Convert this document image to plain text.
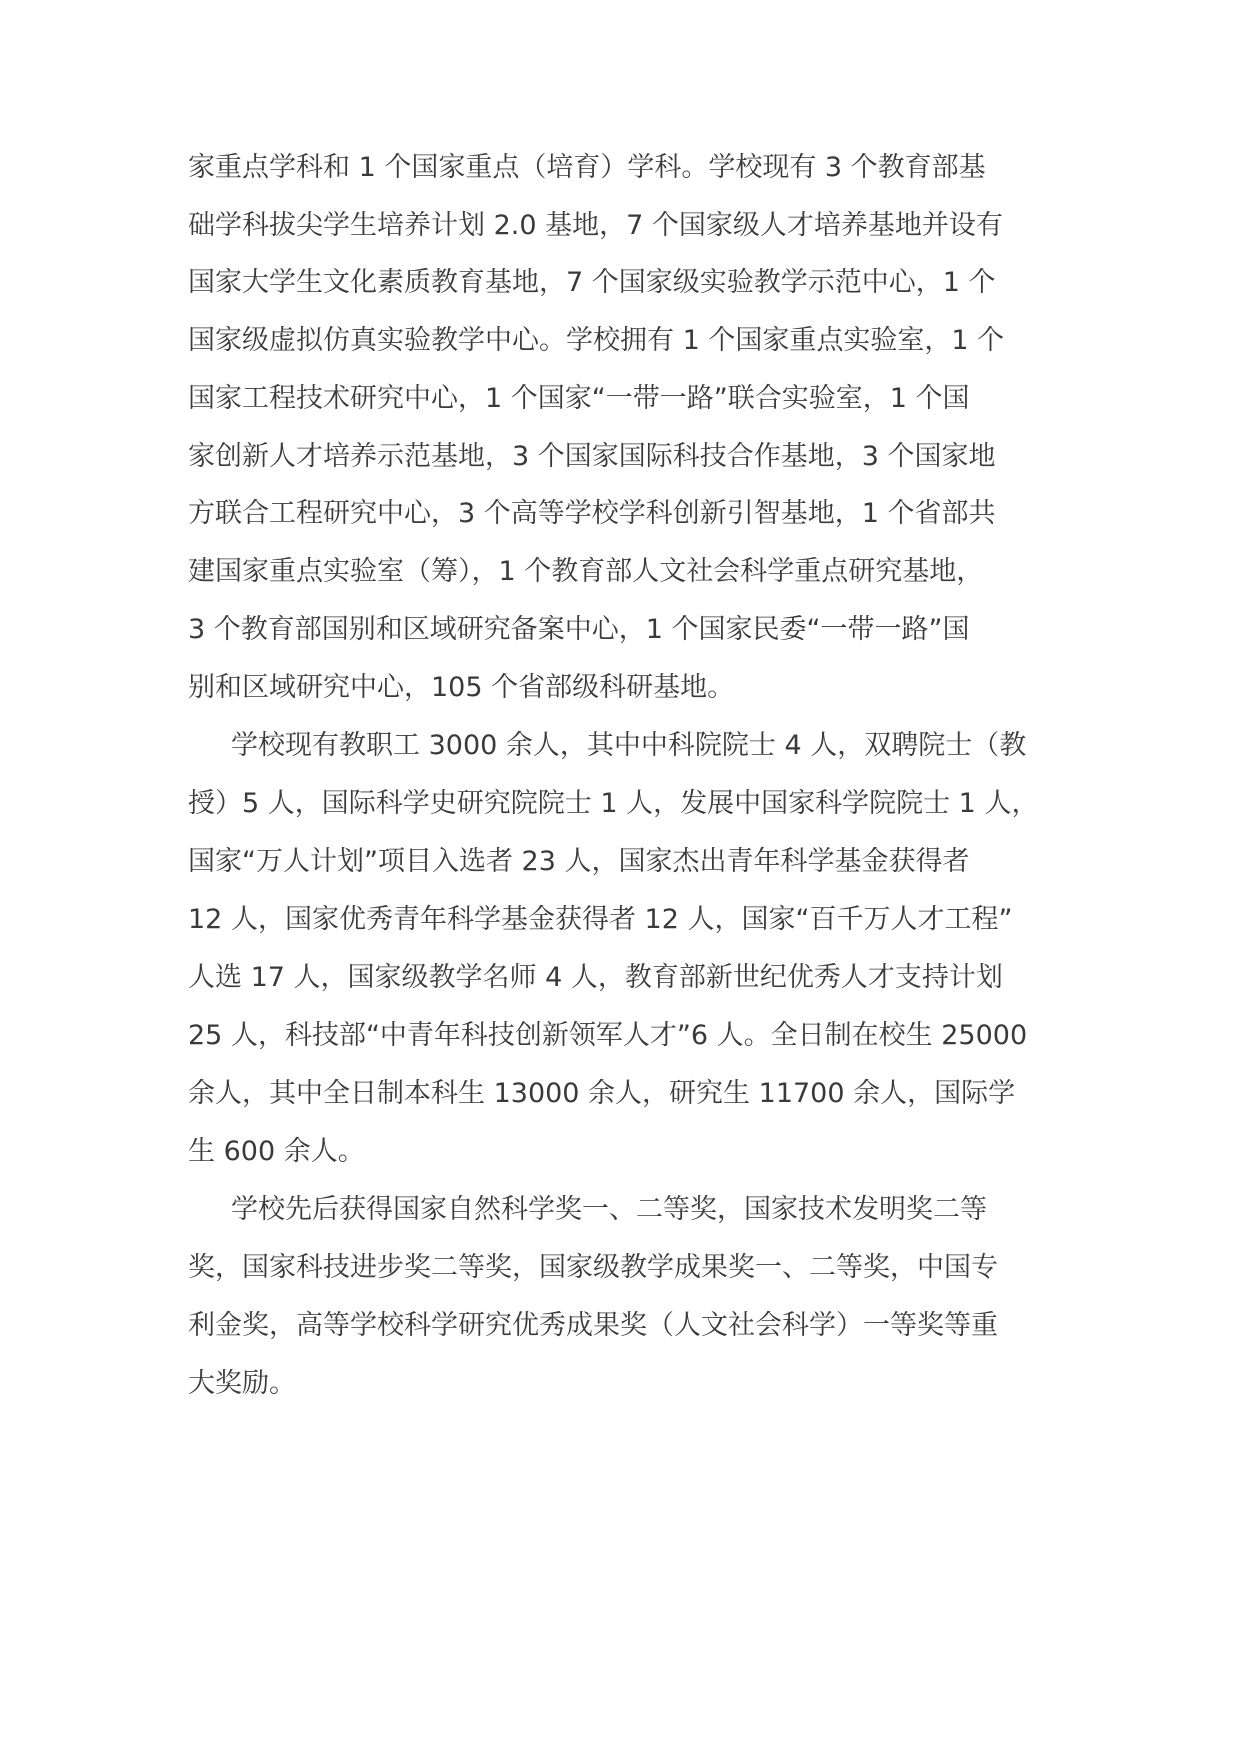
家重点学科和 1 个国家重点（培育）学科。学校现有 3 个教育部基
础学科拔尖学生培养计划 2.0 基地，7 个国家级人才培养基地并设有
国家大学生文化素质教育基地，7 个国家级实验教学示范中心，1 个
国家级虚拟仿真实验教学中心。学校拥有 1 个国家重点实验室，1 个
国家工程技术研究中心，1 个国家“一带一路”联合实验室，1 个国
家创新人才培养示范基地，3 个国家国际科技合作基地，3 个国家地
方联合工程研究中心，3 个高等学校学科创新引智基地，1 个省部共
建国家重点实验室（筹），1 个教育部人文社会科学重点研究基地，
3 个教育部国别和区域研究备案中心，1 个国家民委“一带一路”国
别和区域研究中心，105 个省部级科研基地。
学校现有教职工 3000 余人，其中中科院院士 4 人，双聘院士（教
授）5 人，国际科学史研究院院士 1 人，发展中国家科学院院士 1 人，
国家“万人计划”项目入选者 23 人，国家杰出青年科学基金获得者
12 人，国家优秀青年科学基金获得者 12 人，国家“百千万人才工程”
人选 17 人，国家级教学名师 4 人，教育部新世纪优秀人才支持计划
25 人，科技部“中青年科技创新领军人才”6 人。全日制在校生 25000
余人，其中全日制本科生 13000 余人，研究生 11700 余人，国际学
生 600 余人。
学校先后获得国家自然科学奖一、二等奖，国家技术发明奖二等
奖，国家科技进步奖二等奖，国家级教学成果奖一、二等奖，中国专
利金奖，高等学校科学研究优秀成果奖（人文社会科学）一等奖等重
大奖励。
